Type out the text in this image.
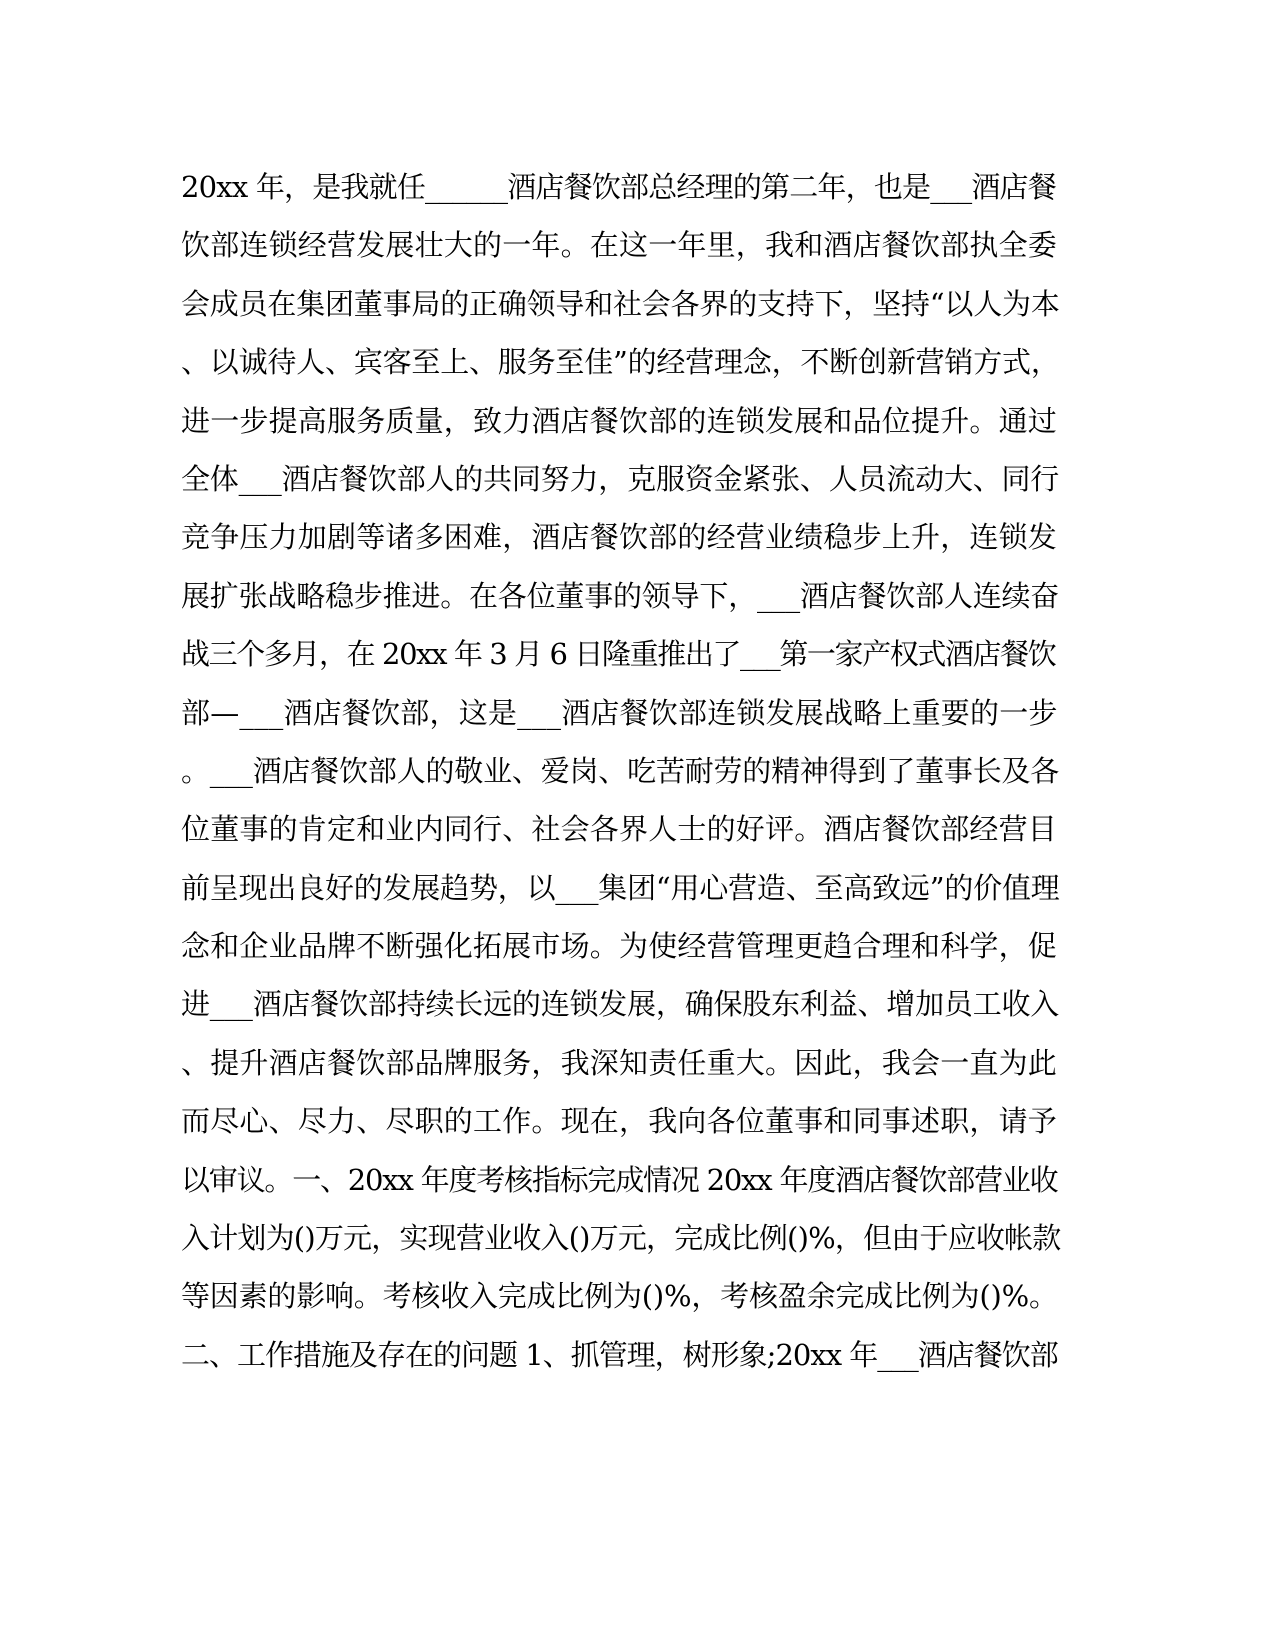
20xx 年，是我就任______酒店餐饮部总经理的第二年，也是___酒店餐
饮部连锁经营发展壮大的一年。在这一年里，我和酒店餐饮部执全委
会成员在集团董事局的正确领导和社会各界的支持下，坚持“以人为本
、以诚待人、宾客至上、服务至佳”的经营理念，不断创新营销方式，
进一步提高服务质量，致力酒店餐饮部的连锁发展和品位提升。通过
全体___酒店餐饮部人的共同努力，克服资金紧张、人员流动大、同行
竞争压力加剧等诸多困难，酒店餐饮部的经营业绩稳步上升，连锁发
展扩张战略稳步推进。在各位董事的领导下，___酒店餐饮部人连续奋
战三个多月，在 20xx 年 3 月 6 日隆重推出了___第一家产权式酒店餐饮
部—___酒店餐饮部，这是___酒店餐饮部连锁发展战略上重要的一步
。___酒店餐饮部人的敬业、爱岗、吃苦耐劳的精神得到了董事长及各
位董事的肯定和业内同行、社会各界人士的好评。酒店餐饮部经营目
前呈现出良好的发展趋势，以___集团“用心营造、至高致远”的价值理
念和企业品牌不断强化拓展市场。为使经营管理更趋合理和科学，促
进___酒店餐饮部持续长远的连锁发展，确保股东利益、增加员工收入
、提升酒店餐饮部品牌服务，我深知责任重大。因此，我会一直为此
而尽心、尽力、尽职的工作。现在，我向各位董事和同事述职，请予
以审议。一、20xx 年度考核指标完成情况 20xx 年度酒店餐饮部营业收
入计划为()万元，实现营业收入()万元，完成比例()%，但由于应收帐款
等因素的影响。考核收入完成比例为()%，考核盈余完成比例为()%。
二、工作措施及存在的问题 1、抓管理，树形象;20xx 年___酒店餐饮部
